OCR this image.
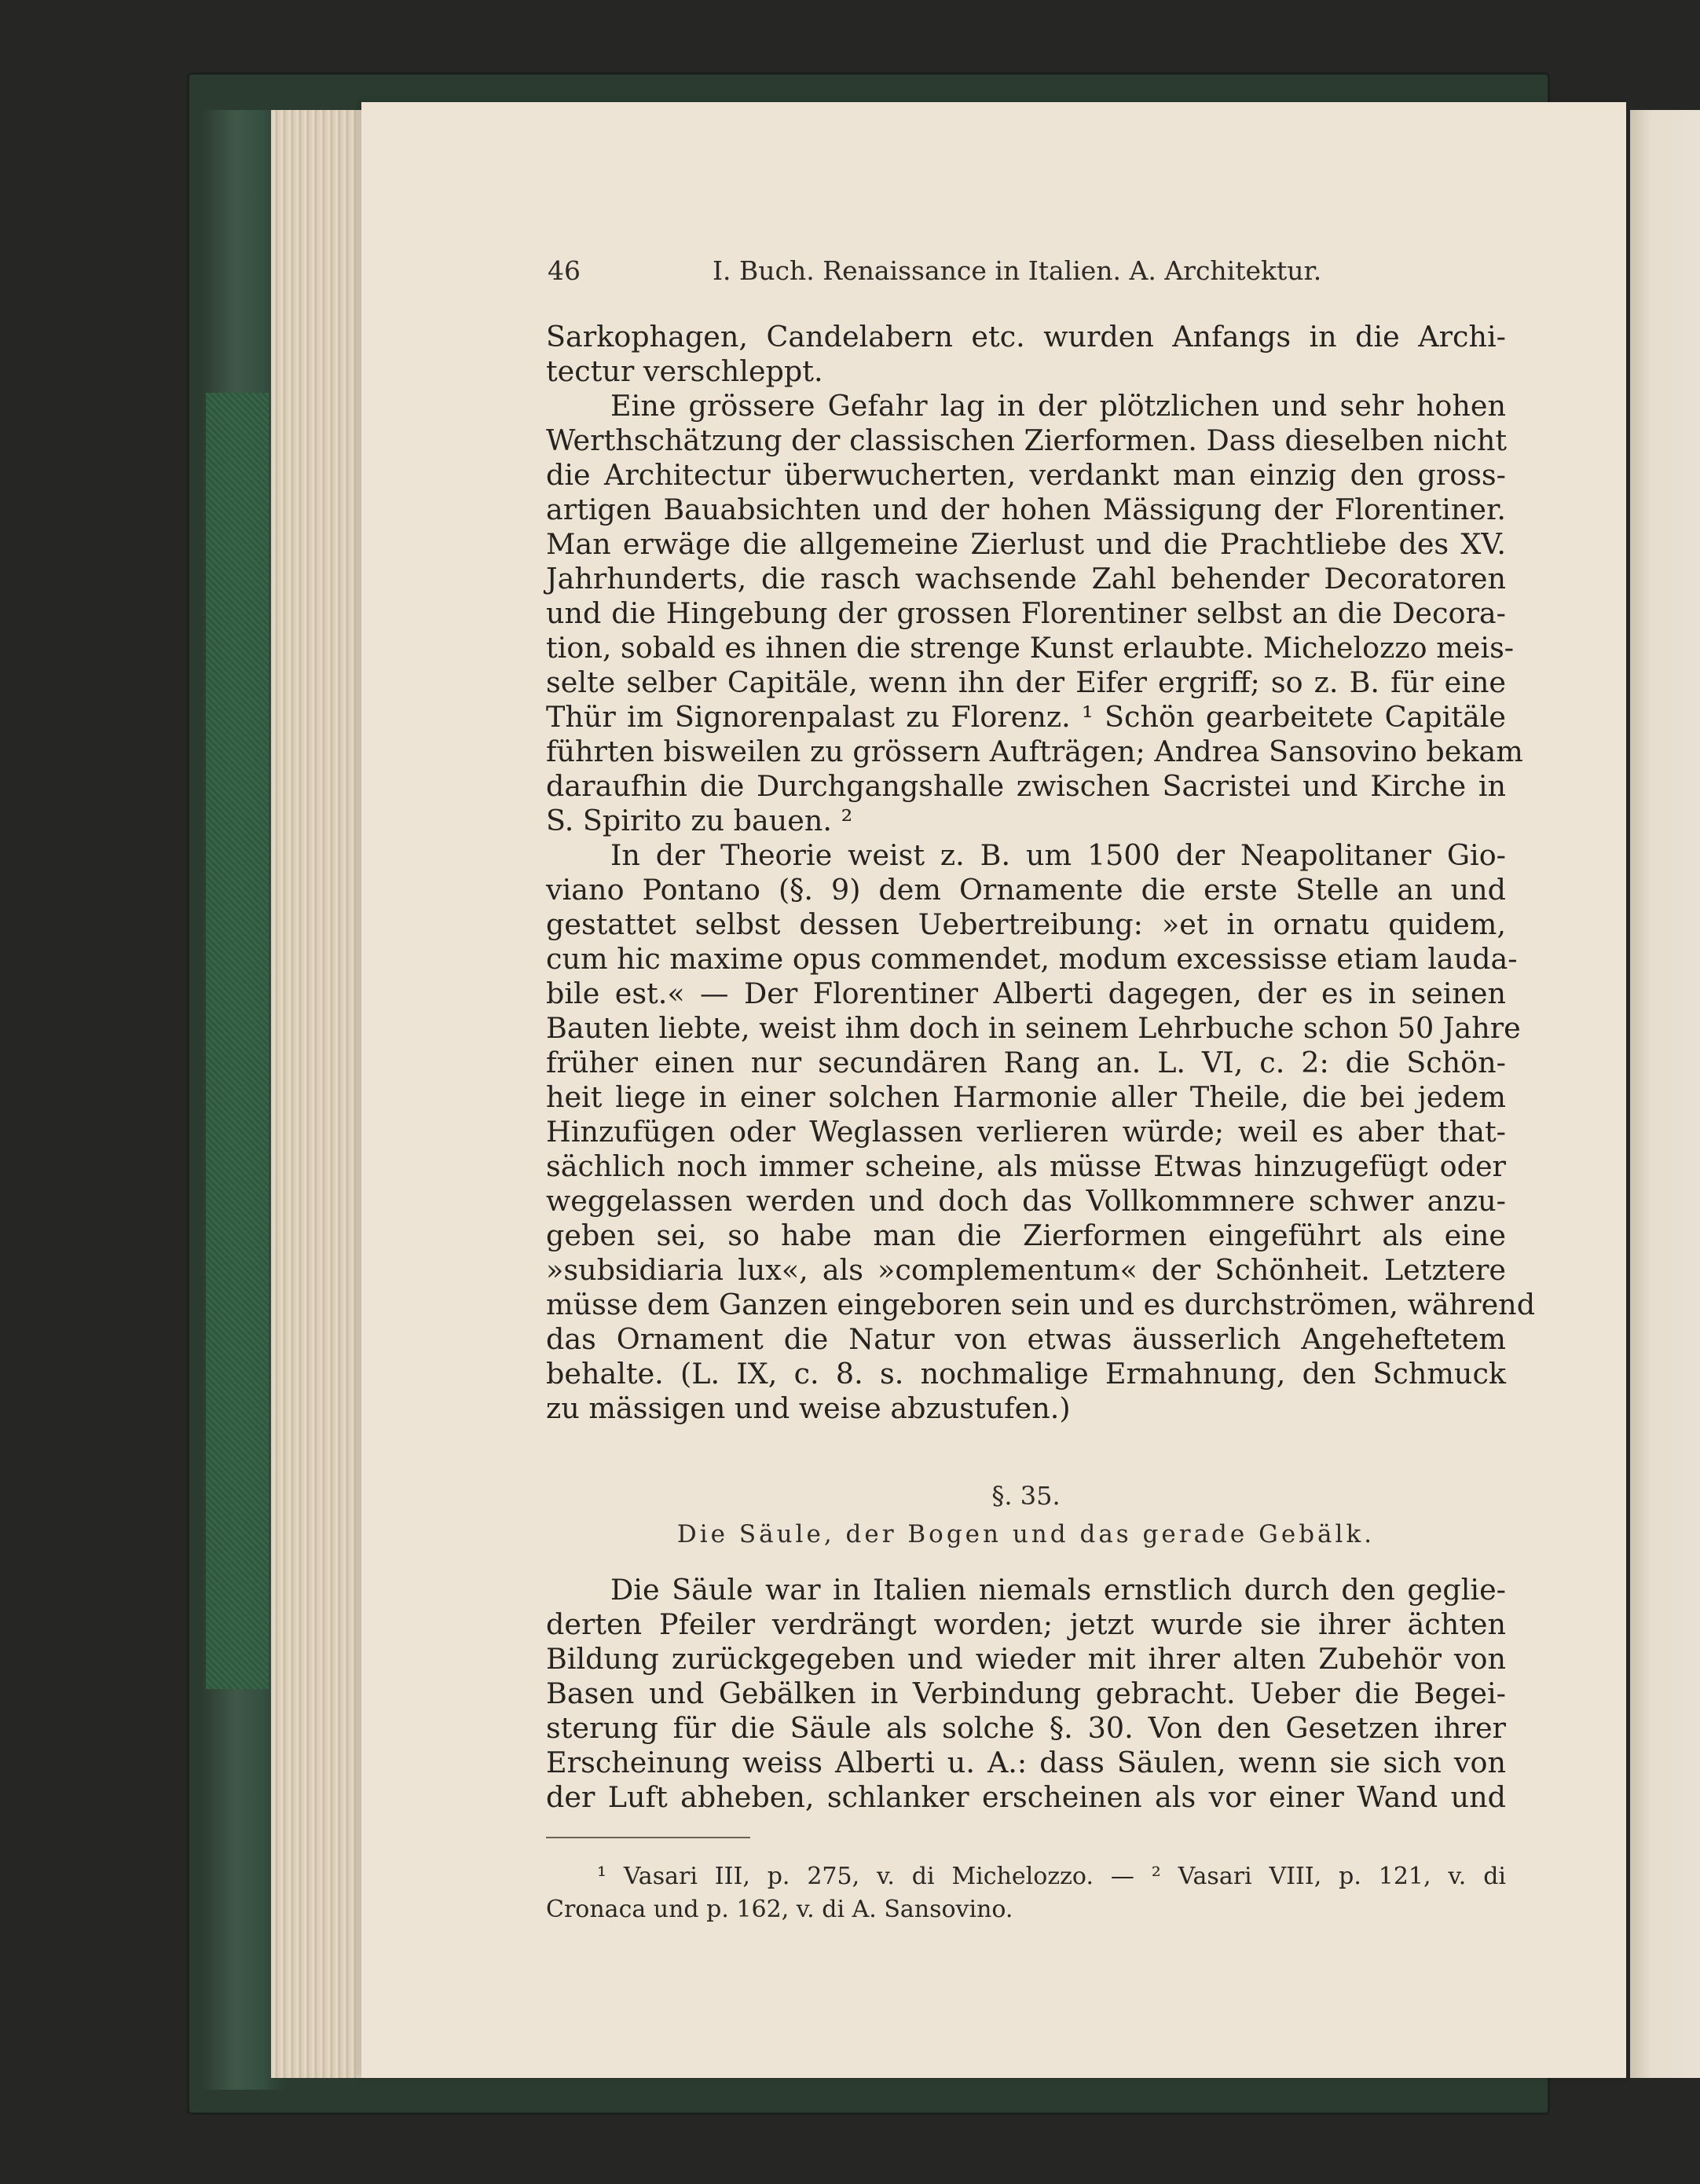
46	I. Buch. Renaissance in Italien. A. Architektur.
Sarkophagen, Candelabern etc. wurden Anfangs in die Archi-
tectur verschleppt.
Eine grössere Gefahr lag in der plötzlichen und sehr hohen
Werthschätzung der classischen Zierformen. Dass dieselben nicht
die Architectur überwucherten, verdankt man einzig den gross-
artigen Bauabsichten und der hohen Mässigung der Florentiner.
Man erwäge die allgemeine Zierlust und die Prachtliebe des XV.
Jahrhunderts, die rasch wachsende Zahl behender Decoratoren
und die Hingebung der grossen Florentiner selbst an die Decora-
tion, sobald es ihnen die strenge Kunst erlaubte. Michelozzo meis-
selte selber Capitäle, wenn ihn der Eifer ergriff; so z. B. für eine
Thür im Signorenpalast zu Florenz. ¹ Schön gearbeitete Capitäle
führten bisweilen zu grössern Aufträgen; Andrea Sansovino bekam
daraufhin die Durchgangshalle zwischen Sacristei und Kirche in
S. Spirito zu bauen. ²
In der Theorie weist z. B. um 1500 der Neapolitaner Gio-
viano Pontano (§. 9) dem Ornamente die erste Stelle an und
gestattet selbst dessen Uebertreibung: »et in ornatu quidem,
cum hic maxime opus commendet, modum excessisse etiam lauda-
bile est.« — Der Florentiner Alberti dagegen, der es in seinen
Bauten liebte, weist ihm doch in seinem Lehrbuche schon 50 Jahre
früher einen nur secundären Rang an. L. VI, c. 2: die Schön-
heit liege in einer solchen Harmonie aller Theile, die bei jedem
Hinzufügen oder Weglassen verlieren würde; weil es aber that-
sächlich noch immer scheine, als müsse Etwas hinzugefügt oder
weggelassen werden und doch das Vollkommnere schwer anzu-
geben sei, so habe man die Zierformen eingeführt als eine
»subsidiaria lux«, als »complementum« der Schönheit. Letztere
müsse dem Ganzen eingeboren sein und es durchströmen, während
das Ornament die Natur von etwas äusserlich Angeheftetem
behalte. (L. IX, c. 8. s. nochmalige Ermahnung, den Schmuck
zu mässigen und weise abzustufen.)
§. 35.
Die Säule, der Bogen und das gerade Gebälk.
Die Säule war in Italien niemals ernstlich durch den geglie-
derten Pfeiler verdrängt worden; jetzt wurde sie ihrer ächten
Bildung zurückgegeben und wieder mit ihrer alten Zubehör von
Basen und Gebälken in Verbindung gebracht. Ueber die Begei-
sterung für die Säule als solche §. 30. Von den Gesetzen ihrer
Erscheinung weiss Alberti u. A.: dass Säulen, wenn sie sich von
der Luft abheben, schlanker erscheinen als vor einer Wand und
¹ Vasari III, p. 275, v. di Michelozzo. — ² Vasari VIII, p. 121, v. di
Cronaca und p. 162, v. di A. Sansovino.
